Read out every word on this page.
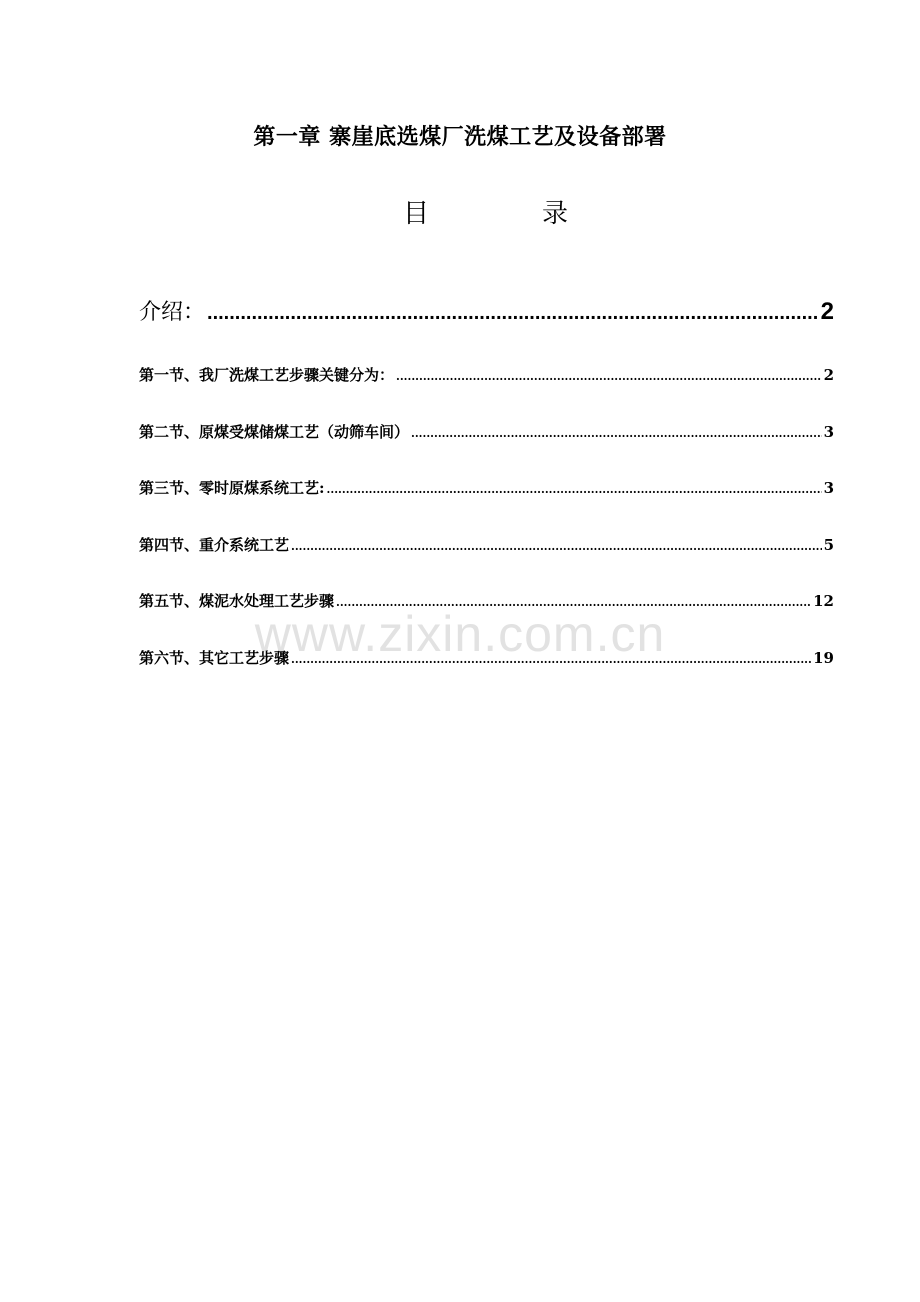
第一章 寨崖底选煤厂洗煤工艺及设备部署
目	录
介绍： .....	2
第一节、我厂洗煤工艺步骤关键分为： .....	2
第二节、原煤受煤储煤工艺（动筛车间） .....	3
第三节、零时原煤系统工艺: .....	3
第四节、重介系统工艺 .....	5
第五节、煤泥水处理工艺步骤 .....	12
第六节、其它工艺步骤 .....	19
www.zixin.com.cn
